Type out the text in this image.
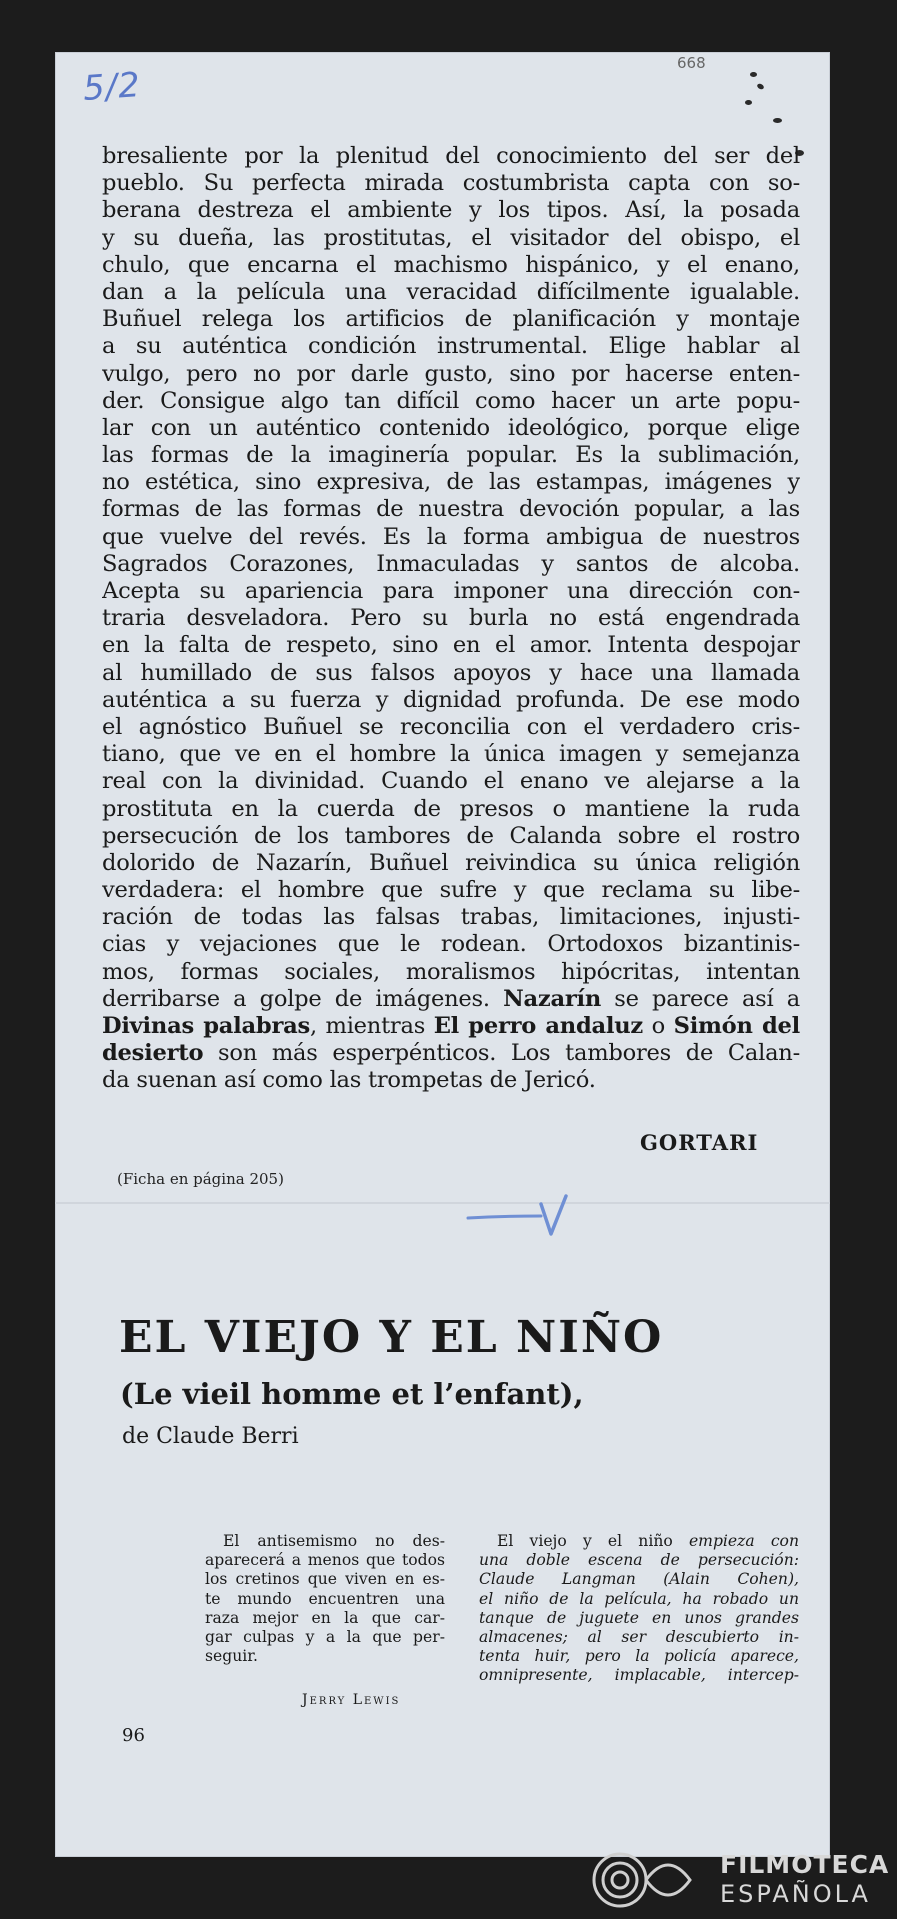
5/2
668
bresaliente por la plenitud del conocimiento del ser del
pueblo. Su perfecta mirada costumbrista capta con so-
berana destreza el ambiente y los tipos. Así, la posada
y su dueña, las prostitutas, el visitador del obispo, el
chulo, que encarna el machismo hispánico, y el enano,
dan a la película una veracidad difícilmente igualable.
Buñuel relega los artificios de planificación y montaje
a su auténtica condición instrumental. Elige hablar al
vulgo, pero no por darle gusto, sino por hacerse enten-
der. Consigue algo tan difícil como hacer un arte popu-
lar con un auténtico contenido ideológico, porque elige
las formas de la imaginería popular. Es la sublimación,
no estética, sino expresiva, de las estampas, imágenes y
formas de las formas de nuestra devoción popular, a las
que vuelve del revés. Es la forma ambigua de nuestros
Sagrados Corazones, Inmaculadas y santos de alcoba.
Acepta su apariencia para imponer una dirección con-
traria desveladora. Pero su burla no está engendrada
en la falta de respeto, sino en el amor. Intenta despojar
al humillado de sus falsos apoyos y hace una llamada
auténtica a su fuerza y dignidad profunda. De ese modo
el agnóstico Buñuel se reconcilia con el verdadero cris-
tiano, que ve en el hombre la única imagen y semejanza
real con la divinidad. Cuando el enano ve alejarse a la
prostituta en la cuerda de presos o mantiene la ruda
persecución de los tambores de Calanda sobre el rostro
dolorido de Nazarín, Buñuel reivindica su única religión
verdadera: el hombre que sufre y que reclama su libe-
ración de todas las falsas trabas, limitaciones, injusti-
cias y vejaciones que le rodean. Ortodoxos bizantinis-
mos, formas sociales, moralismos hipócritas, intentan
derribarse a golpe de imágenes. Nazarín se parece así a
Divinas palabras, mientras El perro andaluz o Simón del
desierto son más esperpénticos. Los tambores de Calan-
da suenan así como las trompetas de Jericó.
GORTARI
(Ficha en página 205)
EL VIEJO Y EL NIÑO
(Le vieil homme et l’enfant),
de Claude Berri
El antisemismo no des-
aparecerá a menos que todos
los cretinos que viven en es-
te mundo encuentren una
raza mejor en la que car-
gar culpas y a la que per-
seguir.
Jerry Lewis
El viejo y el niño empieza con
una doble escena de persecución:
Claude Langman (Alain Cohen),
el niño de la película, ha robado un
tanque de juguete en unos grandes
almacenes; al ser descubierto in-
tenta huir, pero la policía aparece,
omnipresente, implacable, intercep-
96
FILMOTECA
ESPAÑOLA
